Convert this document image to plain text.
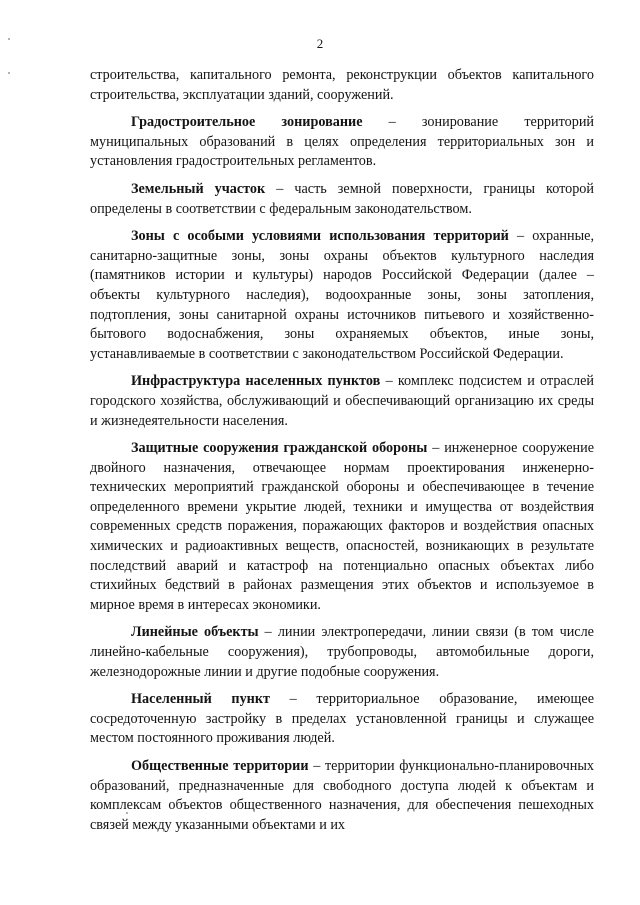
2

строительства, капитального ремонта, реконструкции объектов капитального строительства, эксплуатации зданий, сооружений.

Градостроительное зонирование – зонирование территорий муниципальных образований в целях определения территориальных зон и установления градостроительных регламентов.

Земельный участок – часть земной поверхности, границы которой определены в соответствии с федеральным законодательством.

Зоны с особыми условиями использования территорий – охранные, санитарно-защитные зоны, зоны охраны объектов культурного наследия (памятников истории и культуры) народов Российской Федерации (далее – объекты культурного наследия), водоохранные зоны, зоны затопления, подтопления, зоны санитарной охраны источников питьевого и хозяйственно-бытового водоснабжения, зоны охраняемых объектов, иные зоны, устанавливаемые в соответствии с законодательством Российской Федерации.

Инфраструктура населенных пунктов – комплекс подсистем и отраслей городского хозяйства, обслуживающий и обеспечивающий организацию их среды и жизнедеятельности населения.

Защитные сооружения гражданской обороны – инженерное сооружение двойного назначения, отвечающее нормам проектирования инженерно-технических мероприятий гражданской обороны и обеспечивающее в течение определенного времени укрытие людей, техники и имущества от воздействия современных средств поражения, поражающих факторов и воздействия опасных химических и радиоактивных веществ, опасностей, возникающих в результате последствий аварий и катастроф на потенциально опасных объектах либо стихийных бедствий в районах размещения этих объектов и используемое в мирное время в интересах экономики.

Линейные объекты – линии электропередачи, линии связи (в том числе линейно-кабельные сооружения), трубопроводы, автомобильные дороги, железнодорожные линии и другие подобные сооружения.

Населенный пункт – территориальное образование, имеющее сосредоточенную застройку в пределах установленной границы и служащее местом постоянного проживания людей.

Общественные территории – территории функционально-планировочных образований, предназначенные для свободного доступа людей к объектам и комплексам объектов общественного назначения, для обеспечения пешеходных связей между указанными объектами и их
